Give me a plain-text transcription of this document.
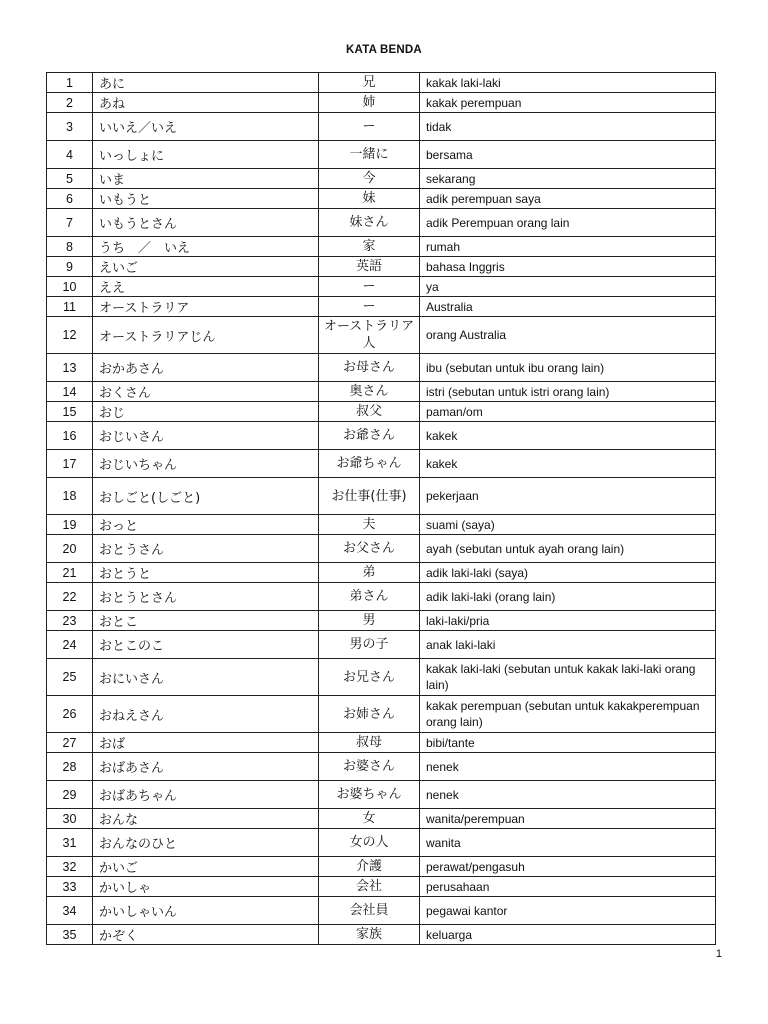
KATA BENDA
1	あに	兄	kakak laki-laki
2	あね	姉	kakak perempuan
3	いいえ／いえ	ー	tidak
4	いっしょに	一緒に	bersama
5	いま	今	sekarang
6	いもうと	妹	adik perempuan saya
7	いもうとさん	妹さん	adik Perempuan orang lain
8	うち　／　いえ	家	rumah
9	えいご	英語	bahasa Inggris
10	ええ	ー	ya
11	オーストラリア	ー	Australia
12	オーストラリアじん	オーストラリア人	orang Australia
13	おかあさん	お母さん	ibu (sebutan untuk ibu orang lain)
14	おくさん	奥さん	istri (sebutan untuk istri orang lain)
15	おじ	叔父	paman/om
16	おじいさん	お爺さん	kakek
17	おじいちゃん	お爺ちゃん	kakek
18	おしごと(しごと)	お仕事(仕事)	pekerjaan
19	おっと	夫	suami (saya)
20	おとうさん	お父さん	ayah (sebutan untuk ayah orang lain)
21	おとうと	弟	adik laki-laki (saya)
22	おとうとさん	弟さん	adik laki-laki (orang lain)
23	おとこ	男	laki-laki/pria
24	おとこのこ	男の子	anak laki-laki
25	おにいさん	お兄さん	kakak laki-laki (sebutan untuk kakak laki-laki orang lain)
26	おねえさん	お姉さん	kakak perempuan (sebutan untuk kakakperempuan orang lain)
27	おば	叔母	bibi/tante
28	おばあさん	お婆さん	nenek
29	おばあちゃん	お婆ちゃん	nenek
30	おんな	女	wanita/perempuan
31	おんなのひと	女の人	wanita
32	かいご	介護	perawat/pengasuh
33	かいしゃ	会社	perusahaan
34	かいしゃいん	会社員	pegawai kantor
35	かぞく	家族	keluarga
1
